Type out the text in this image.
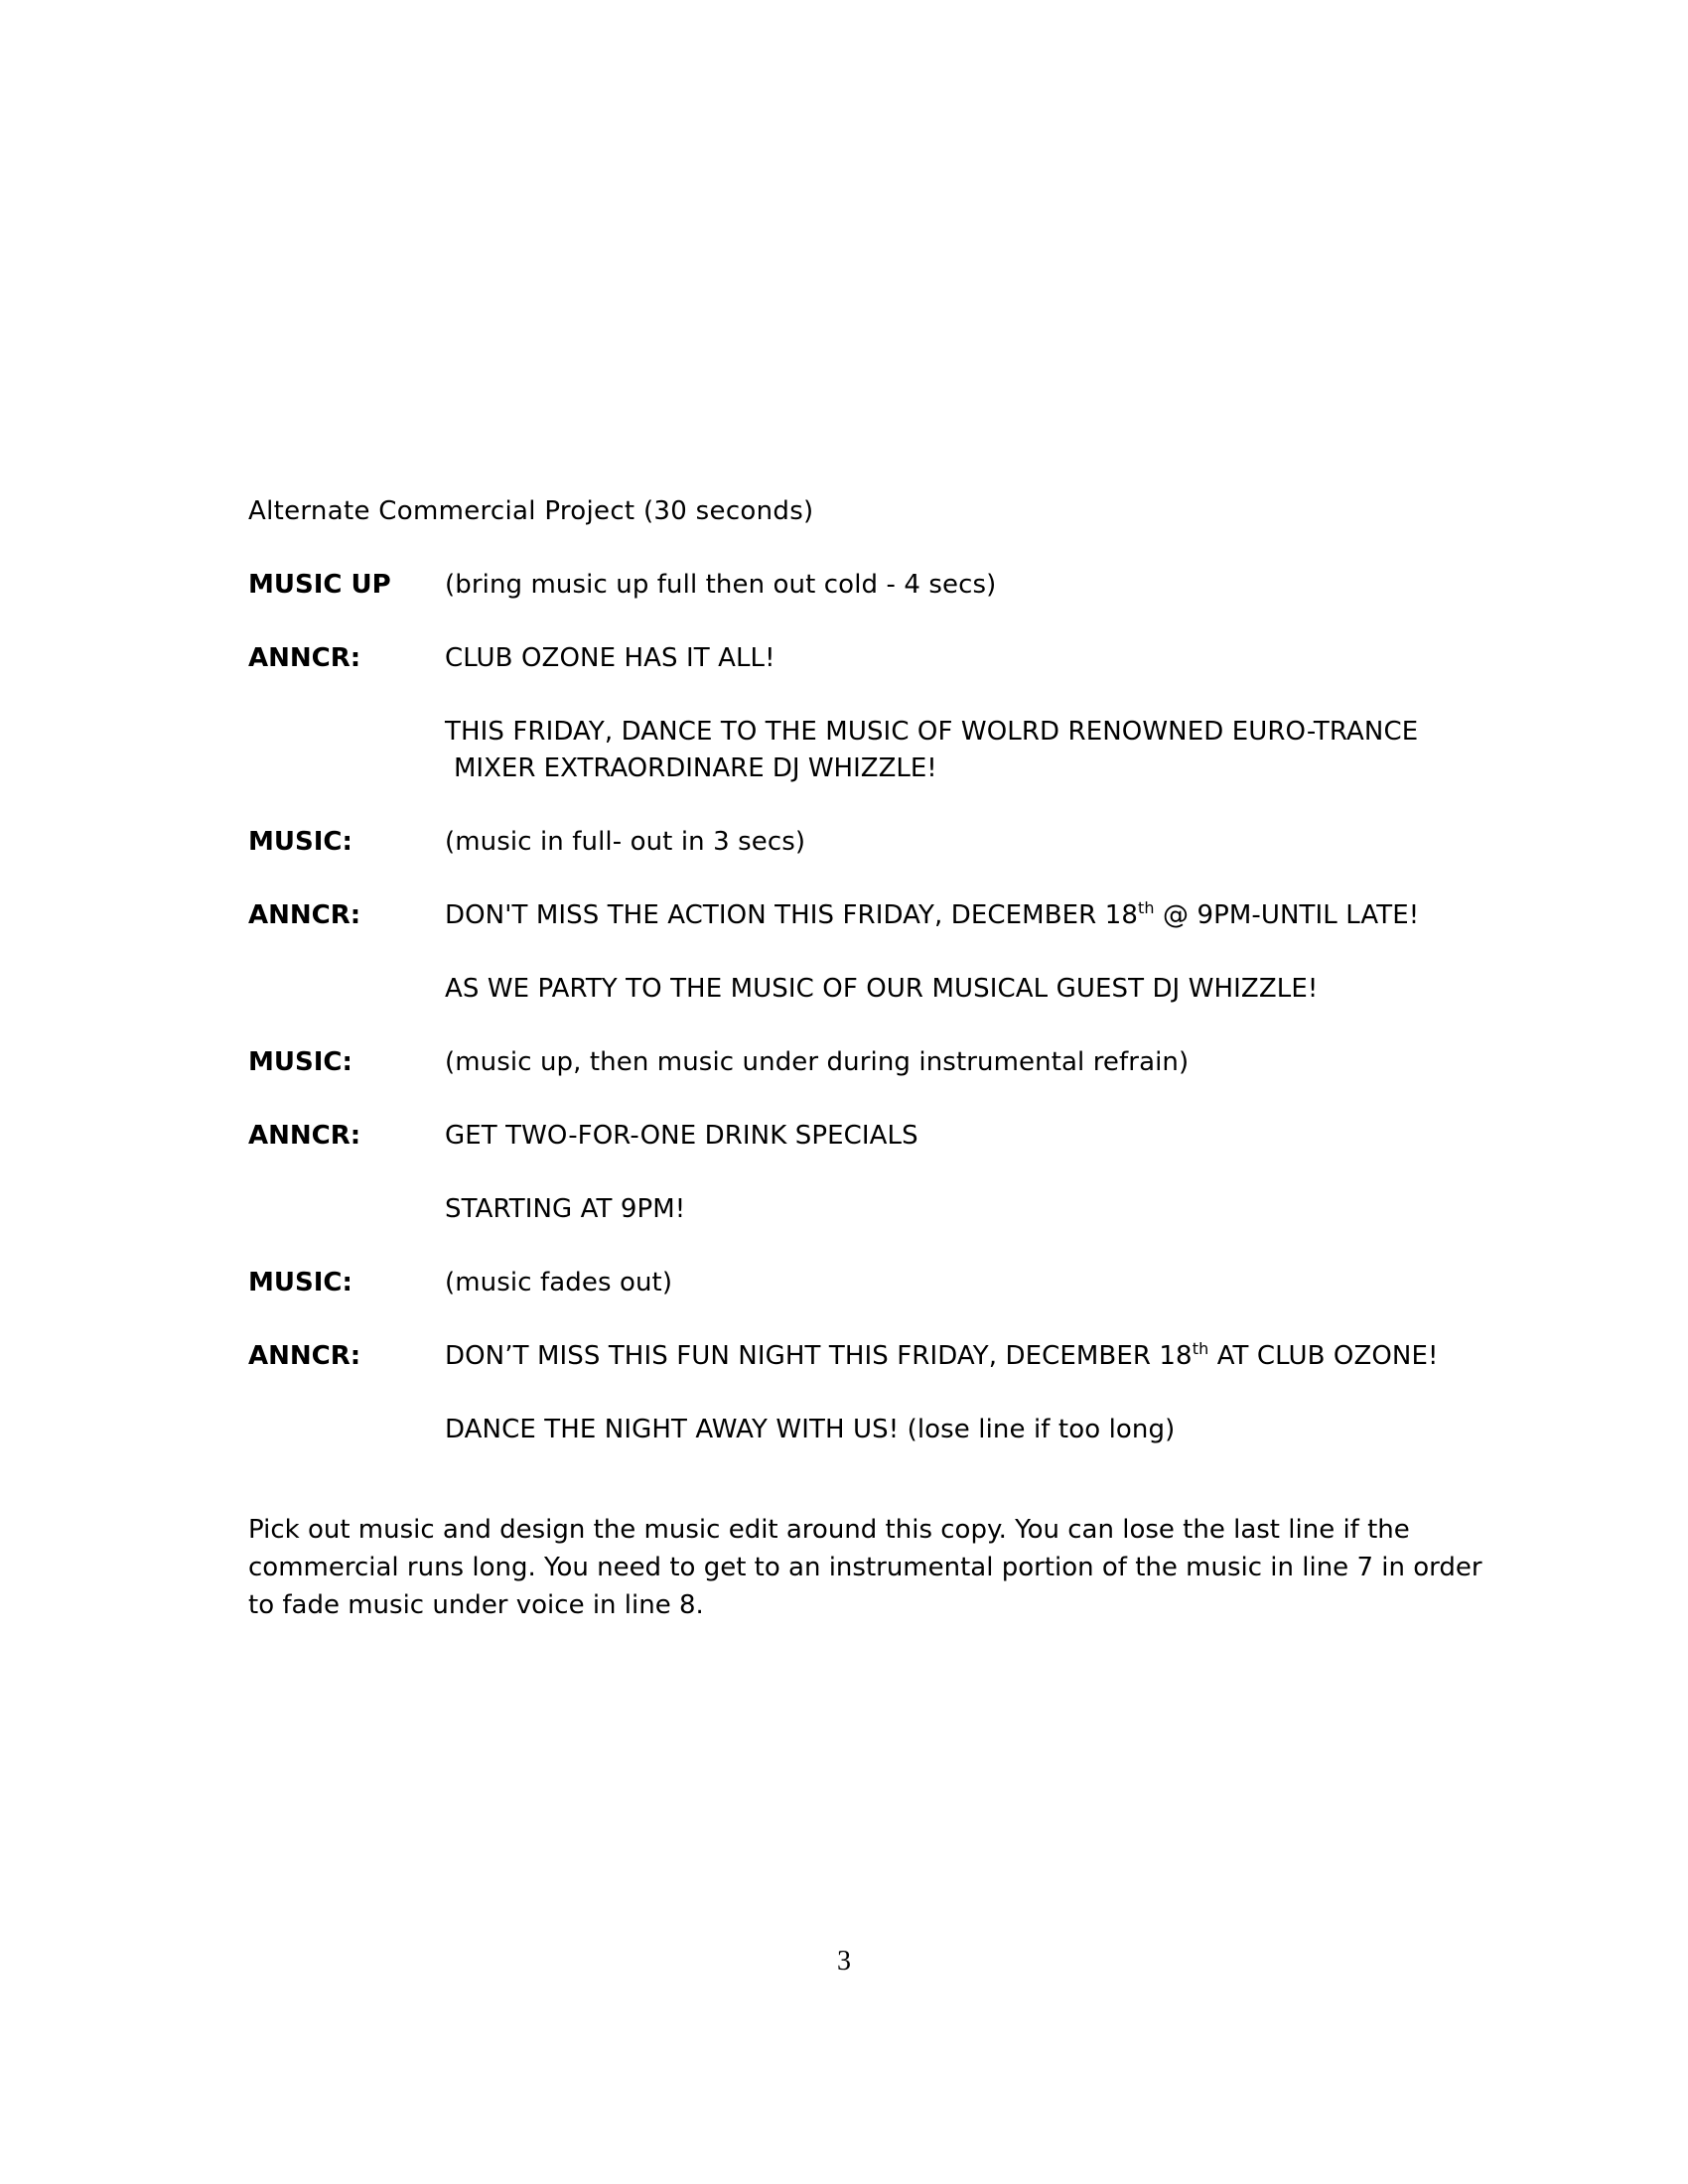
Alternate Commercial Project (30 seconds)
MUSIC UP (bring music up full then out cold - 4 secs)
ANNCR:	CLUB OZONE HAS IT ALL!
THIS FRIDAY, DANCE TO THE MUSIC OF WOLRD RENOWNED EURO-TRANCE
MIXER EXTRAORDINARE DJ WHIZZLE!
MUSIC:	(music in full- out in 3 secs)
ANNCR:	DON'T MISS THE ACTION THIS FRIDAY, DECEMBER 18th @ 9PM-UNTIL LATE!
AS WE PARTY TO THE MUSIC OF OUR MUSICAL GUEST DJ WHIZZLE!
MUSIC:	(music up, then music under during instrumental refrain)
ANNCR:	GET TWO-FOR-ONE DRINK SPECIALS
STARTING AT 9PM!
MUSIC:	(music fades out)
ANNCR:	DON’T MISS THIS FUN NIGHT THIS FRIDAY, DECEMBER 18th AT CLUB OZONE!
DANCE THE NIGHT AWAY WITH US! (lose line if too long)
Pick out music and design the music edit around this copy. You can lose the last line if the
commercial runs long. You need to get to an instrumental portion of the music in line 7 in order
to fade music under voice in line 8.
3
